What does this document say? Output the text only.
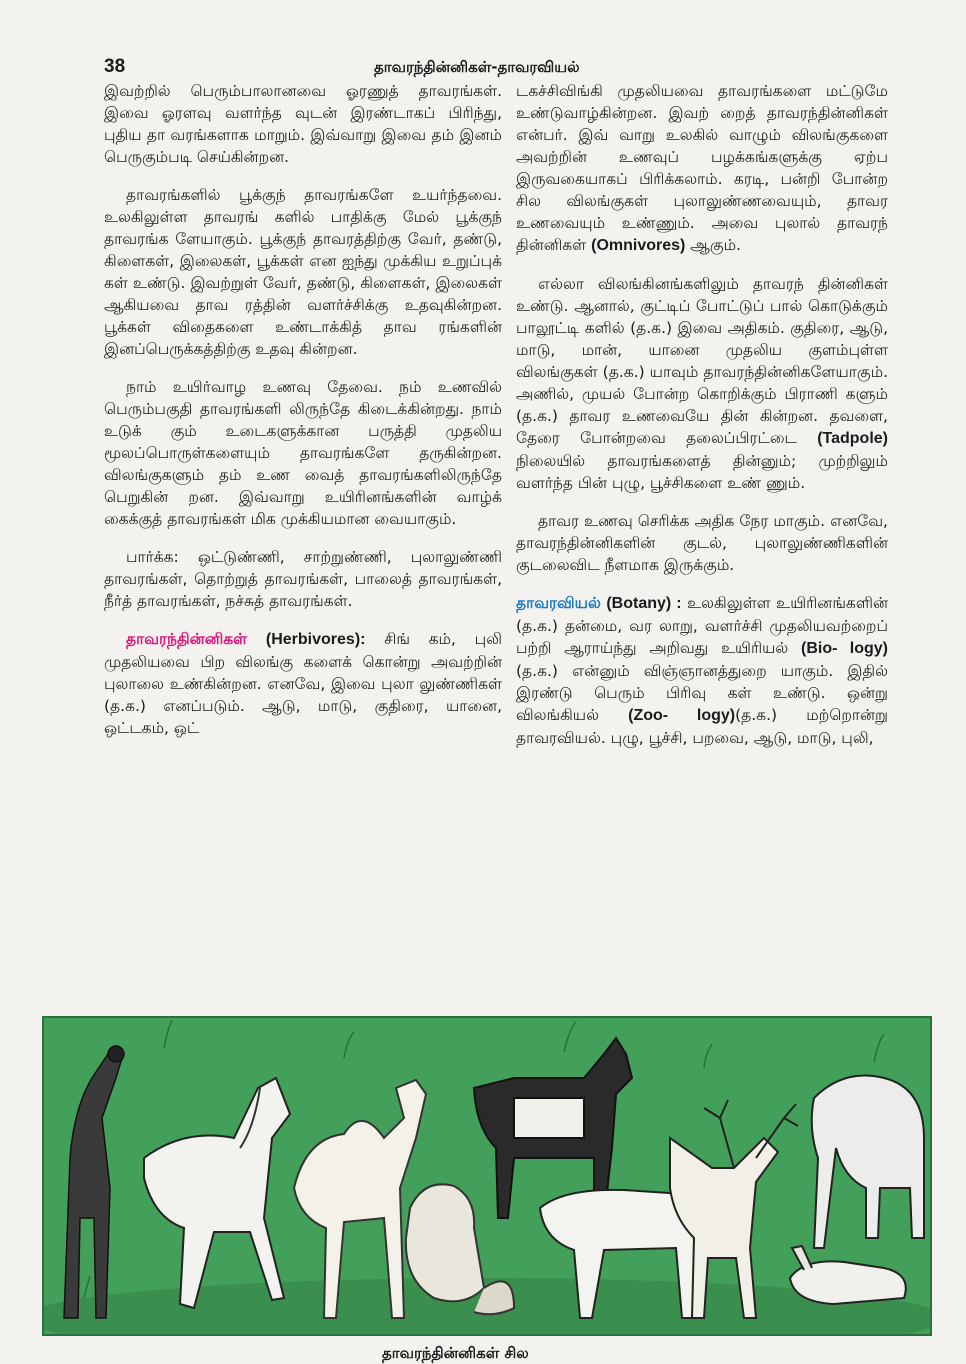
38	தாவரந்தின்னிகள்-தாவரவியல்

இவற்றில் பெரும்பாலானவை ஓரணுத் தாவரங்கள். இவை ஓரளவு வளர்ந்த வுடன் இரண்டாகப் பிரிந்து, புதிய தா வரங்களாக மாறும். இவ்வாறு இவை தம் இனம் பெருகும்படி செய்கின்றன.

தாவரங்களில் பூக்குந் தாவரங்களே உயர்ந்தவை. உலகிலுள்ள தாவரங் களில் பாதிக்கு மேல் பூக்குந் தாவரங்க ளேயாகும். பூக்குந் தாவரத்திற்கு வேர், தண்டு, கிளைகள், இலைகள், பூக்கள் என ஐந்து முக்கிய உறுப்புக் கள் உண்டு. இவற்றுள் வேர், தண்டு, கிளைகள், இலைகள் ஆகியவை தாவ ரத்தின் வளர்ச்சிக்கு உதவுகின்றன. பூக்கள் விதைகளை உண்டாக்கித் தாவ ரங்களின் இனப்பெருக்கத்திற்கு உதவு கின்றன.

நாம் உயிர்வாழ உணவு தேவை. நம் உணவில் பெரும்பகுதி தாவரங்களி லிருந்தே கிடைக்கின்றது. நாம் உடுக் கும் உடைகளுக்கான பருத்தி முதலிய மூலப்பொருள்களையும் தாவரங்களே தருகின்றன. விலங்குகளும் தம் உண வைத் தாவரங்களிலிருந்தே பெறுகின் றன. இவ்வாறு உயிரினங்களின் வாழ்க் கைக்குத் தாவரங்கள் மிக முக்கியமான வையாகும்.

பார்க்க: ஒட்டுண்ணி, சாற்றுண்ணி, புலாலுண்ணி தாவரங்கள், தொற்றுத் தாவரங்கள், பாலைத் தாவரங்கள், நீர்த் தாவரங்கள், நச்சுத் தாவரங்கள்.

தாவரந்தின்னிகள் (Herbivores): சிங் கம், புலி முதலியவை பிற விலங்கு களைக் கொன்று அவற்றின் புலாலை உண்கின்றன. எனவே, இவை புலா லுண்ணிகள் (த.க.) எனப்படும். ஆடு, மாடு, குதிரை, யானை, ஒட்டகம், ஒட்

டகச்சிவிங்கி முதலியவை தாவரங்களை மட்டுமே உண்டுவாழ்கின்றன. இவற் றைத் தாவரந்தின்னிகள் என்பர். இவ் வாறு உலகில் வாழும் விலங்குகளை அவற்றின் உணவுப் பழக்கங்களுக்கு ஏற்ப இருவகையாகப் பிரிக்கலாம். கரடி, பன்றி போன்ற சில விலங்குகள் புலாலுண்ணவையும், தாவர உணவையும் உண்ணும். அவை புலால் தாவரந் தின்னிகள் (Omnivores) ஆகும்.

எல்லா விலங்கினங்களிலும் தாவரந் தின்னிகள் உண்டு. ஆனால், குட்டிப் போட்டுப் பால் கொடுக்கும் பாலூட்டி களில் (த.க.) இவை அதிகம். குதிரை, ஆடு, மாடு, மான், யானை முதலிய குளம்புள்ள விலங்குகள் (த.க.) யாவும் தாவரந்தின்னிகளேயாகும். அணில், முயல் போன்ற கொறிக்கும் பிராணி களும் (த.க.) தாவர உணவையே தின் கின்றன. தவளை, தேரை போன்றவை தலைப்பிரட்டை (Tadpole) நிலையில் தாவரங்களைத் தின்னும்; முற்றிலும் வளர்ந்த பின் புழு, பூச்சிகளை உண் ணும்.

தாவர உணவு செரிக்க அதிக நேர மாகும். எனவே, தாவரந்தின்னிகளின் குடல், புலாலுண்ணிகளின் குடலைவிட நீளமாக இருக்கும்.

தாவரவியல் (Botany) : உலகிலுள்ள உயிரினங்களின் (த.க.) தன்மை, வர லாறு, வளர்ச்சி முதலியவற்றைப் பற்றி ஆராய்ந்து அறிவது உயிரியல் (Bio- logy)(த.க.) என்னும் விஞ்ஞானத்துறை யாகும். இதில் இரண்டு பெரும் பிரிவு கள் உண்டு. ஒன்று விலங்கியல் (Zoo- logy)(த.க.) மற்றொன்று தாவரவியல். புழு, பூச்சி, பறவை, ஆடு, மாடு, புலி,

தாவரந்தின்னிகள் சில
